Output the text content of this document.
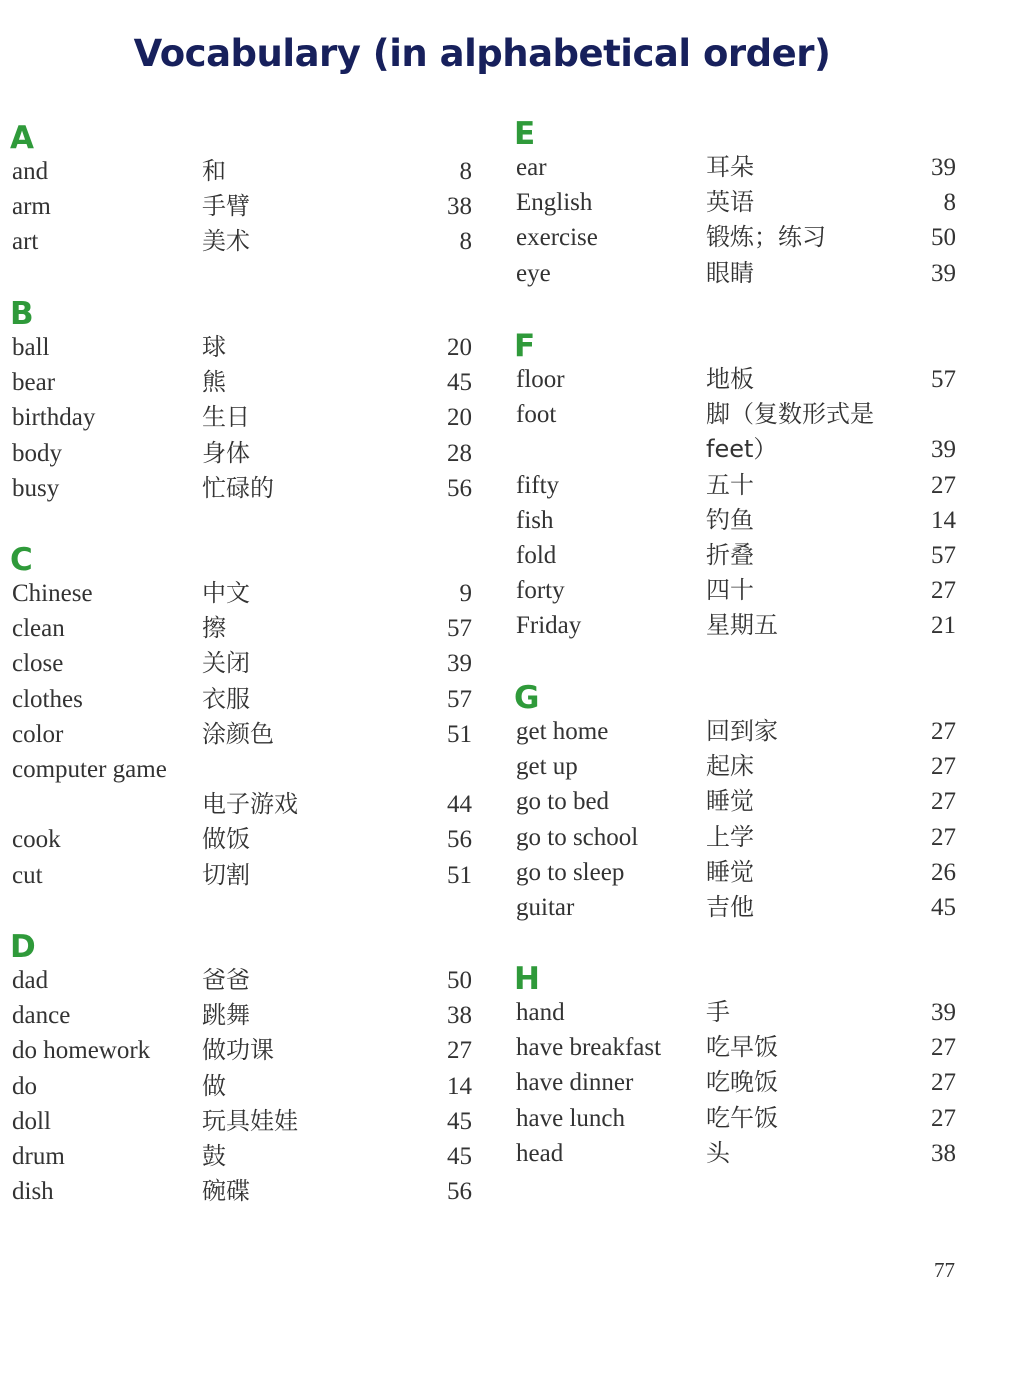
Vocabulary (in alphabetical order)
A
and	和	8
arm	手臂	38
art	美术	8
B
ball	球	20
bear	熊	45
birthday	生日	20
body	身体	28
busy	忙碌的	56
C
Chinese	中文	9
clean	擦	57
close	关闭	39
clothes	衣服	57
color	涂颜色	51
computer game
电子游戏	44
cook	做饭	56
cut	切割	51
D
dad	爸爸	50
dance	跳舞	38
do homework 做功课	27
do	做	14
doll	玩具娃娃	45
drum	鼓	45
dish	碗碟	56
E
ear	耳朵	39
English	英语	8
exercise	锻炼；练习	50
eye	眼睛	39
F
floor	地板	57
foot	脚（复数形式是
feet）	39
fifty	五十	27
fish	钓鱼	14
fold	折叠	57
forty	四十	27
Friday	星期五	21
G
get home	回到家	27
get up	起床	27
go to bed	睡觉	27
go to school	上学	27
go to sleep	睡觉	26
guitar	吉他	45
H
hand	手	39
have breakfast 吃早饭	27
have dinner	吃晚饭	27
have lunch	吃午饭	27
head	头	38
77
